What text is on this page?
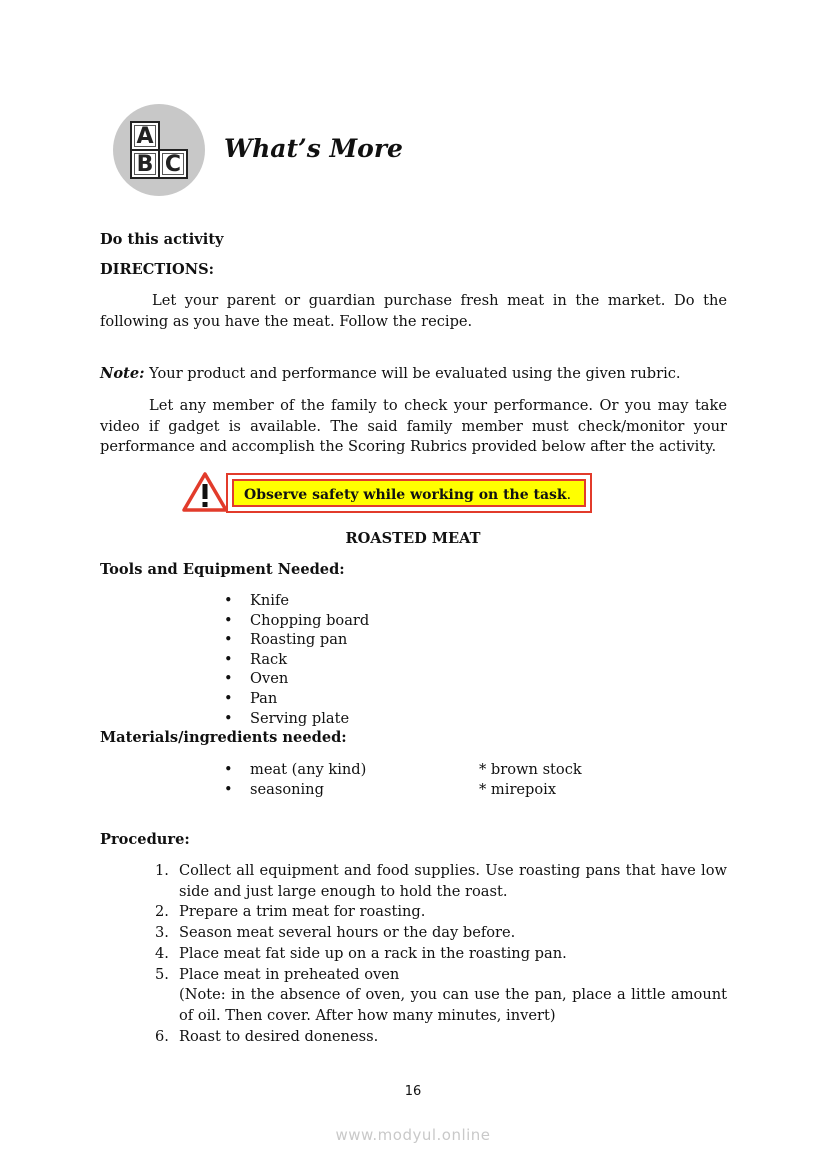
A
B C
What’s More
Do this activity
DIRECTIONS:
Let your parent or guardian purchase fresh meat in the market. Do the following as you have the meat. Follow the recipe.
Note: Your product and performance will be evaluated using the given rubric.
Let any member of the family to check your performance. Or you may take video if gadget is available. The said family member must check/monitor your performance and accomplish the Scoring Rubrics provided below after the activity.
Observe safety while working on the task.
ROASTED MEAT
Tools and Equipment Needed:
• Knife
• Chopping board
• Roasting pan
• Rack
• Oven
• Pan
• Serving plate
Materials/ingredients needed:
• meat (any kind)
• seasoning
* brown stock
* mirepoix
Procedure:
1. Collect all equipment and food supplies. Use roasting pans that have low side and just large enough to hold the roast.
2. Prepare a trim meat for roasting.
3. Season meat several hours or the day before.
4. Place meat fat side up on a rack in the roasting pan.
5. Place meat in preheated oven
(Note: in the absence of oven, you can use the pan, place a little amount of oil. Then cover. After how many minutes, invert)
6. Roast to desired doneness.
16
www.modyul.online
